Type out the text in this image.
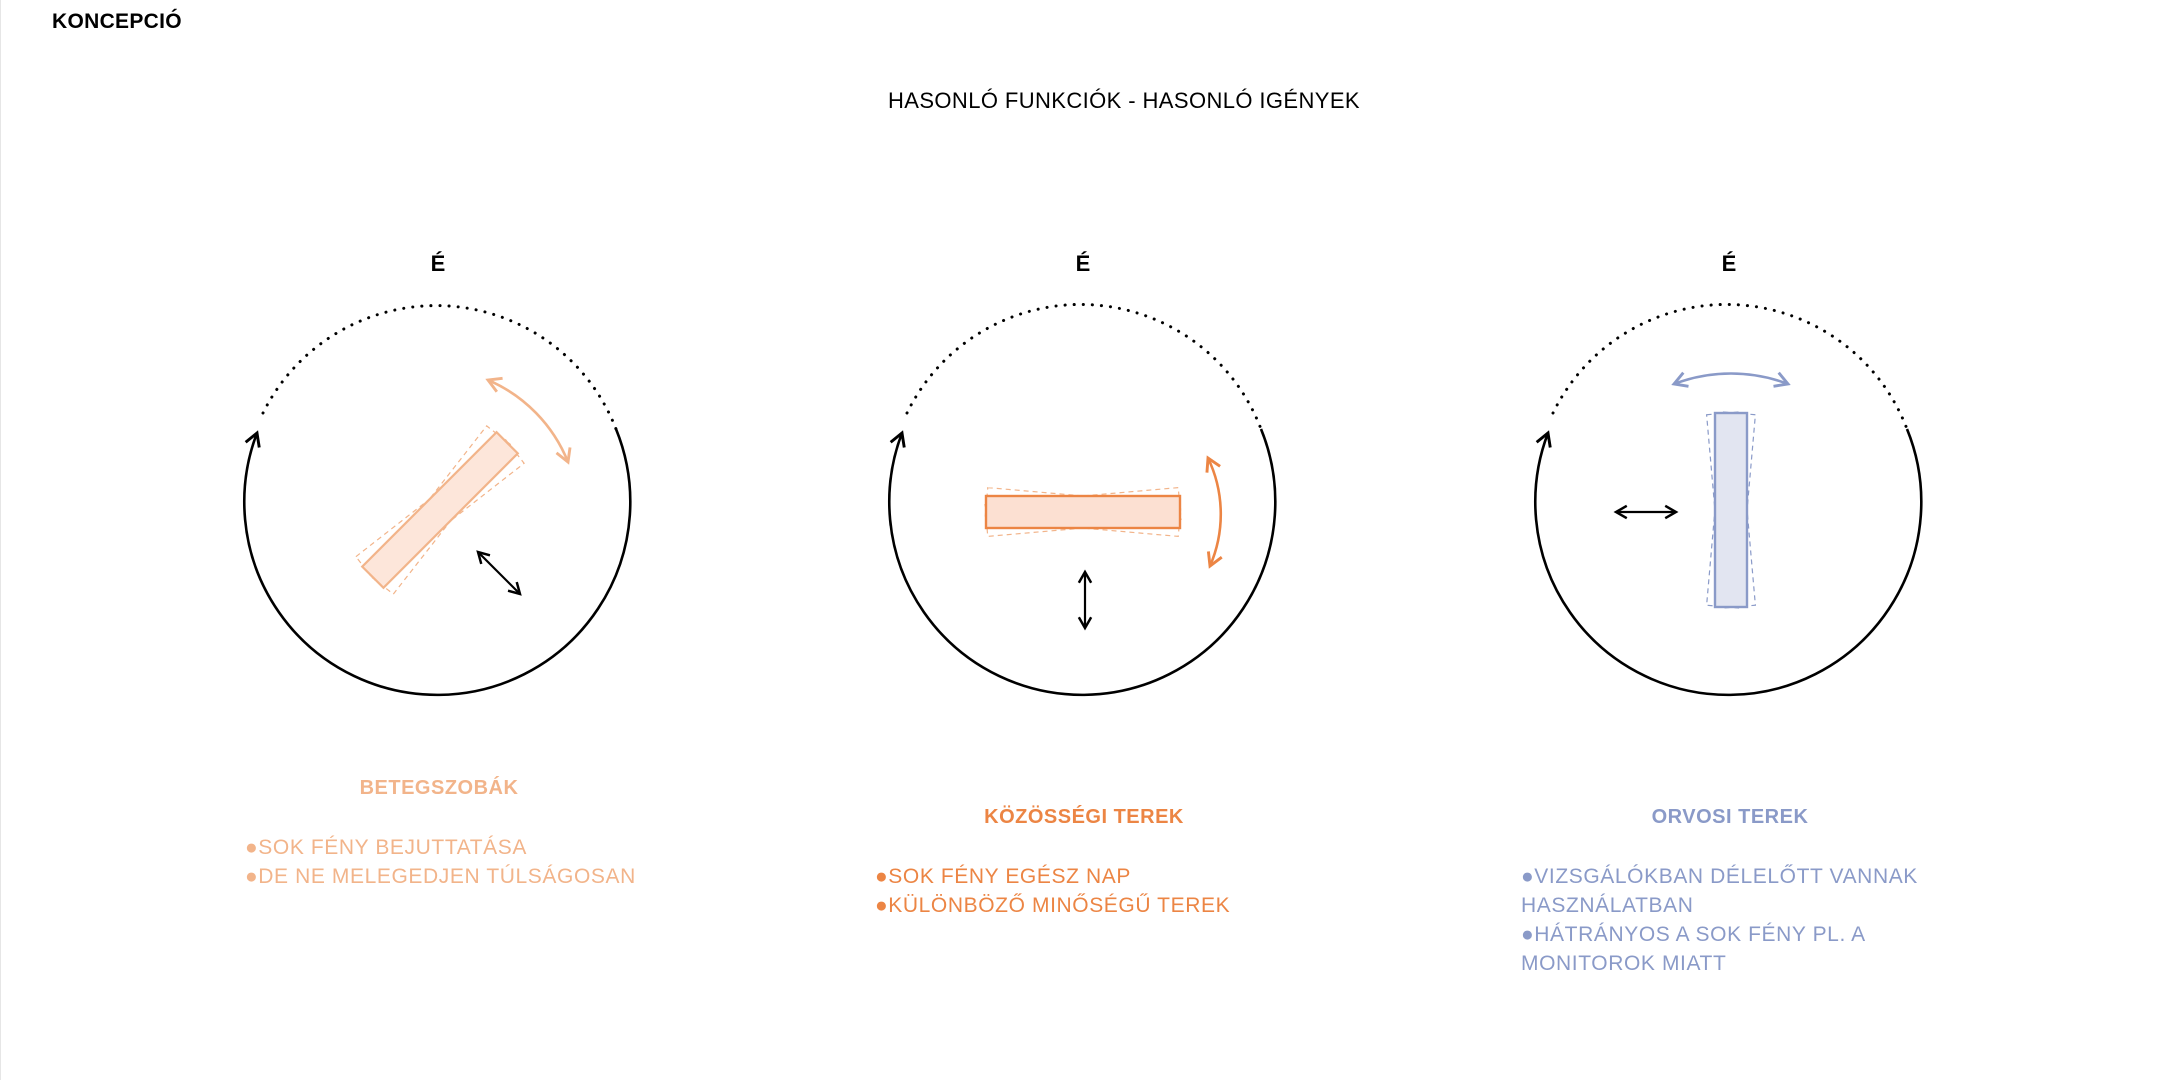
KONCEPCIÓ
HASONLÓ FUNKCIÓK - HASONLÓ IGÉNYEK
É	É	É
BETEGSZOBÁK
KÖZÖSSÉGI TEREK	ORVOSI TEREK
●SOK FÉNY BEJUTTATÁSA
●DE NE MELEGEDJEN TÚLSÁGOSAN	●SOK FÉNY EGÉSZ NAP
●KÜLÖNBÖZŐ MINŐSÉGŰ TEREK
●VIZSGÁLÓKBAN DÉLELŐTT VANNAK
HASZNÁLATBAN
●HÁTRÁNYOS A SOK FÉNY PL. A
MONITOROK MIATT
